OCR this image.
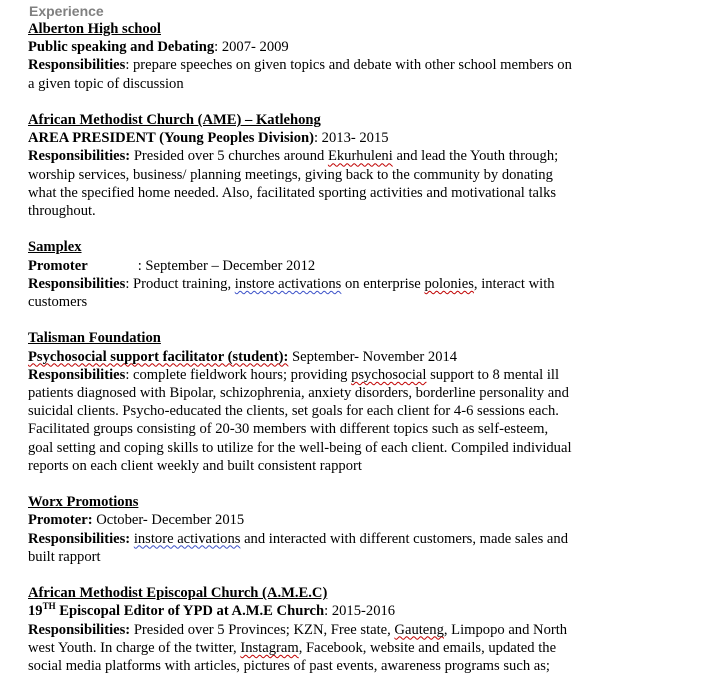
Experience
Alberton High school
Public speaking and Debating: 2007- 2009
Responsibilities: prepare speeches on given topics and debate with other school members on
a given topic of discussion
African Methodist Church (AME) – Katlehong
AREA PRESIDENT (Young Peoples Division): 2013- 2015
Responsibilities: Presided over 5 churches around Ekurhuleni and lead the Youth through;
worship services, business/ planning meetings, giving back to the community by donating
what the specified home needed. Also, facilitated sporting activities and motivational talks
throughout.
Samplex
Promoter	: September – December 2012
Responsibilities: Product training, instore activations on enterprise polonies, interact with
customers
Talisman Foundation
Psychosocial support facilitator (student): September- November 2014
Responsibilities: complete fieldwork hours; providing psychosocial support to 8 mental ill
patients diagnosed with Bipolar, schizophrenia, anxiety disorders, borderline personality and
suicidal clients. Psycho-educated the clients, set goals for each client for 4-6 sessions each.
Facilitated groups consisting of 20-30 members with different topics such as self-esteem,
goal setting and coping skills to utilize for the well-being of each client. Compiled individual
reports on each client weekly and built consistent rapport
Worx Promotions
Promoter: October- December 2015
Responsibilities: instore activations and interacted with different customers, made sales and
built rapport
African Methodist Episcopal Church (A.M.E.C)
19TH Episcopal Editor of YPD at A.M.E Church: 2015-2016
Responsibilities: Presided over 5 Provinces; KZN, Free state, Gauteng, Limpopo and North
west Youth. In charge of the twitter, Instagram, Facebook, website and emails, updated the
social media platforms with articles, pictures of past events, awareness programs such as;
